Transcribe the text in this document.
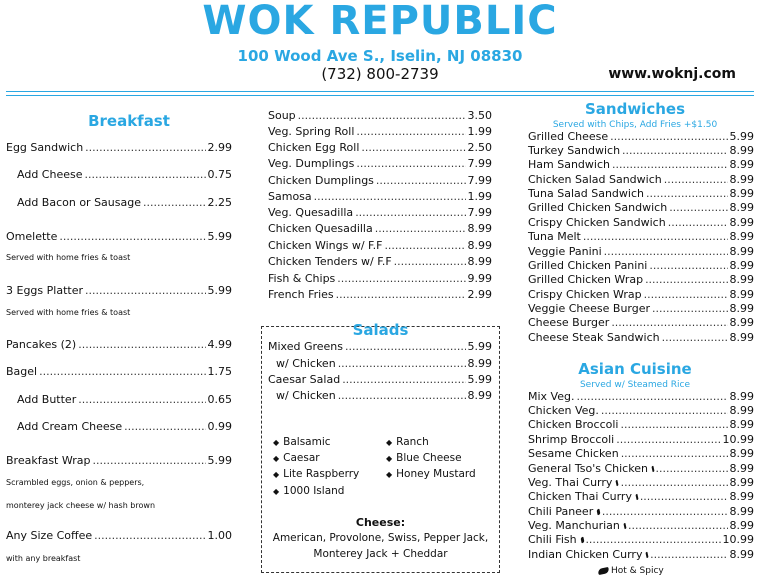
WOK REPUBLIC
100 Wood Ave S., Iselin, NJ 08830
(732) 800-2739	www.woknj.com
Breakfast
Egg Sandwich .....	2.99
Add Cheese .....	0.75
Add Bacon or Sausage .....	2.25
Omelette .....	5.99
Served with home fries & toast
3 Eggs Platter .....	5.99
Served with home fries & toast
Pancakes (2) .....	4.99
Bagel .....	1.75
Add Butter .....	0.65
Add Cream Cheese .....	0.99
Breakfast Wrap .....	5.99
Scrambled eggs, onion & peppers,
monterey jack cheese w/ hash brown
Any Size Coffee .....	1.00
with any breakfast
Soup .....	3.50
Veg. Spring Roll .....	1.99
Chicken Egg Roll .....	2.50
Veg. Dumplings .....	7.99
Chicken Dumplings .....	7.99
Samosa .....	1.99
Veg. Quesadilla .....	7.99
Chicken Quesadilla .....	8.99
Chicken Wings w/ F.F .....	8.99
Chicken Tenders w/ F.F .....	8.99
Fish & Chips .....	9.99
French Fries .....	2.99
Salads
Mixed Greens .....	5.99
w/ Chicken .....	8.99
Caesar Salad .....	5.99
w/ Chicken .....	8.99
◆ Balsamic	◆ Ranch
◆ Caesar	◆ Blue Cheese
◆ Lite Raspberry	◆ Honey Mustard
◆ 1000 Island
Cheese:
American, Provolone, Swiss, Pepper Jack,
Monterey Jack + Cheddar
Sandwiches
Served with Chips, Add Fries +$1.50
Grilled Cheese .....	5.99
Turkey Sandwich .....	8.99
Ham Sandwich .....	8.99
Chicken Salad Sandwich .....	8.99
Tuna Salad Sandwich .....	8.99
Grilled Chicken Sandwich .....	8.99
Crispy Chicken Sandwich .....	8.99
Tuna Melt .....	8.99
Veggie Panini .....	8.99
Grilled Chicken Panini .....	8.99
Grilled Chicken Wrap .....	8.99
Crispy Chicken Wrap .....	8.99
Veggie Cheese Burger .....	8.99
Cheese Burger .....	8.99
Cheese Steak Sandwich .....	8.99
Asian Cuisine
Served w/ Steamed Rice
Mix Veg. .....	8.99
Chicken Veg. .....	8.99
Chicken Broccoli .....	8.99
Shrimp Broccoli .....	10.99
Sesame Chicken .....	8.99
General Tso's Chicken .....	8.99
Veg. Thai Curry .....	8.99
Chicken Thai Curry .....	8.99
Chili Paneer .....	8.99
Veg. Manchurian .....	8.99
Chili Fish .....	10.99
Indian Chicken Curry .....	8.99
Hot & Spicy
